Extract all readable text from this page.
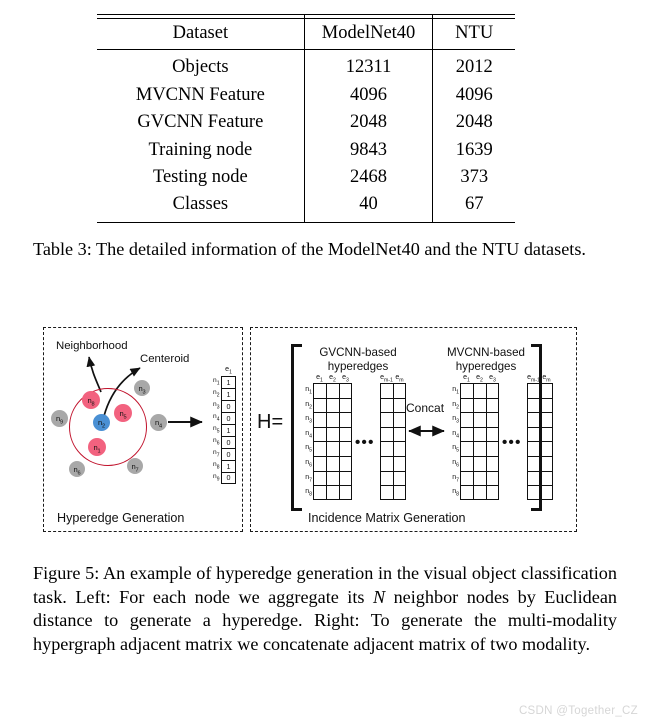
Dataset	ModelNet40	NTU
Objects	12311	2012
MVCNN Feature	4096	4096
GVCNN Feature	2048	2048
Training node	9843	1639
Testing node	2468	373
Classes	40	67
Table 3: The detailed information of the ModelNet40 and the NTU datasets.
Neighborhood
Centeroid
$n_8$
$n_3$
$n_9$
$n_5$
$n_2$	$n_4$
$n_1$
$n_6$
$n_7$
$e_1$
$n_1$ 1
$n_2$ 1
$n_3$ 0
$n_4$ 0
$n_5$ 1
$n_6$ 0
$n_7$ 0
$n_8$ 1
$n_9$ 0
Hyperedge Generation
H=
GVCNN-based
hyperedges
MVCNN-based
hyperedges
$n_1$
$n_2$
$n_3$
$n_4$
$n_5$
$n_6$
$n_7$
$n_8$
$e_1$ $e_2$ $e_3$
•••
$e_{m-1}$ $e_m$
Concat
$n_1$
$n_2$
$n_3$
$n_4$
$n_5$
$n_6$
$n_7$
$n_8$
$e_1$ $e_2$ $e_3$
•••
$e_{m-1}$ $e_m$
Incidence Matrix Generation
Figure 5: An example of hyperedge generation in the visual object classification task. Left: For each node we aggregate its N neighbor nodes by Euclidean distance to generate a hyperedge. Right: To generate the multi-modality hypergraph adjacent matrix we concatenate adjacent matrix of two modality.
CSDN @Together_CZ
